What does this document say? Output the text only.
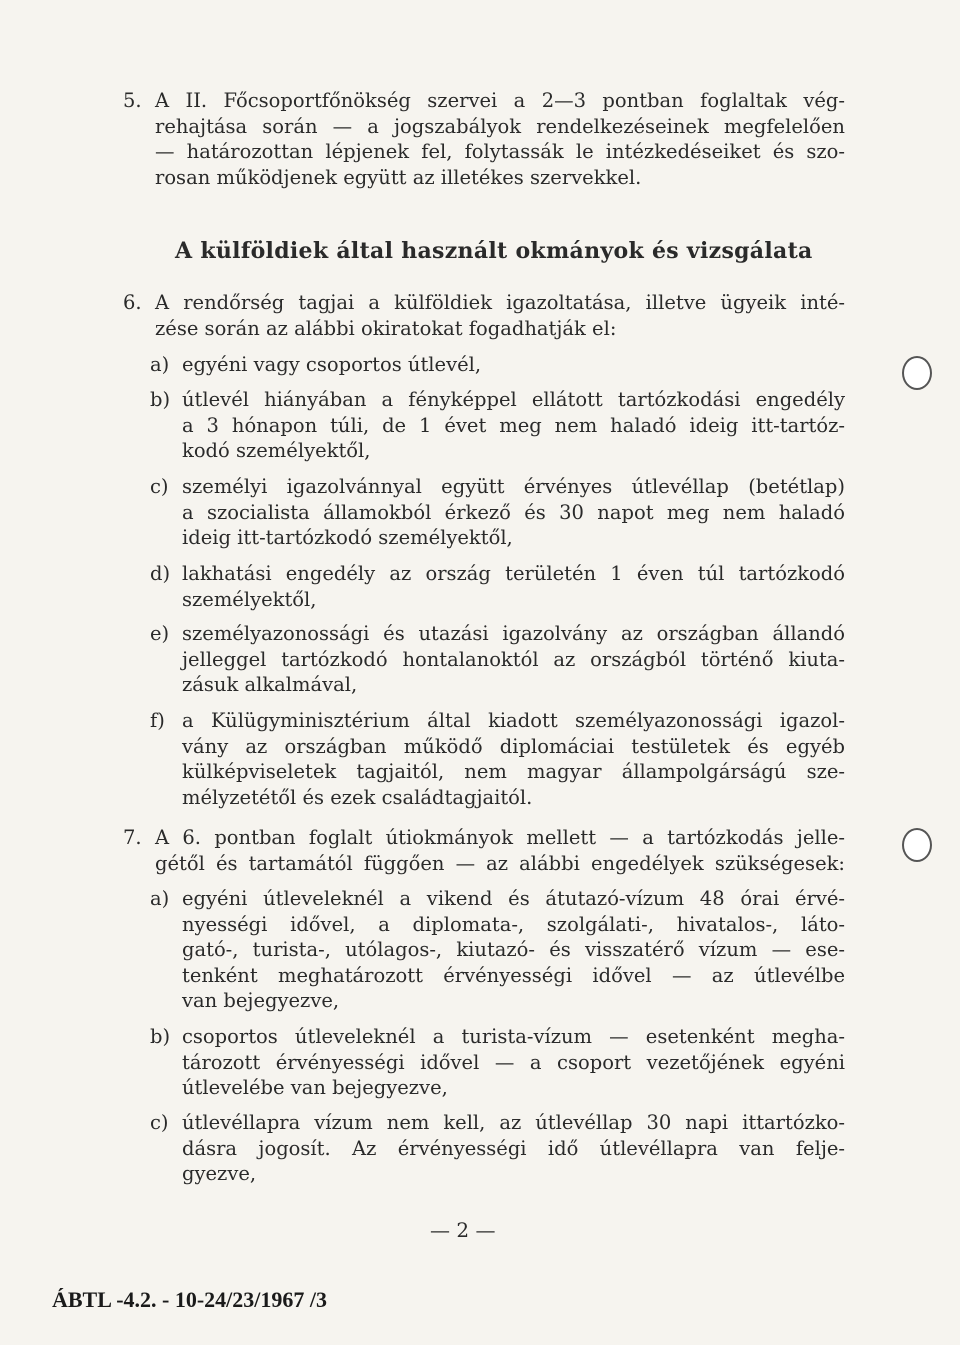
5. A II. Főcsoportfőnökség szervei a 2—3 pontban foglaltak vég-
rehajtása során — a jogszabályok rendelkezéseinek megfelelően
— határozottan lépjenek fel, folytassák le intézkedéseiket és szo-
rosan működjenek együtt az illetékes szervekkel.
A külföldiek által használt okmányok és vizsgálata
6. A rendőrség tagjai a külföldiek igazoltatása, illetve ügyeik inté-
zése során az alábbi okiratokat fogadhatják el:
a) egyéni vagy csoportos útlevél,
b) útlevél hiányában a fényképpel ellátott tartózkodási engedély
a 3 hónapon túli, de 1 évet meg nem haladó ideig itt-tartóz-
kodó személyektől,
c) személyi igazolvánnyal együtt érvényes útlevéllap (betétlap)
a szocialista államokból érkező és 30 napot meg nem haladó
ideig itt-tartózkodó személyektől,
d) lakhatási engedély az ország területén 1 éven túl tartózkodó
személyektől,
e) személyazonossági és utazási igazolvány az országban állandó
jelleggel tartózkodó hontalanoktól az országból történő kiuta-
zásuk alkalmával,
f) a Külügyminisztérium által kiadott személyazonossági igazol-
vány az országban működő diplomáciai testületek és egyéb
külképviseletek tagjaitól, nem magyar állampolgárságú sze-
mélyzetétől és ezek családtagjaitól.
7. A 6. pontban foglalt útiokmányok mellett — a tartózkodás jelle-
gétől és tartamától függően — az alábbi engedélyek szükségesek:
a) egyéni útleveleknél a vikend és átutazó-vízum 48 órai érvé-
nyességi idővel, a diplomata-, szolgálati-, hivatalos-, láto-
gató-, turista-, utólagos-, kiutazó- és visszatérő vízum — ese-
tenként meghatározott érvényességi idővel — az útlevélbe
van bejegyezve,
b) csoportos útleveleknél a turista-vízum — esetenként megha-
tározott érvényességi idővel — a csoport vezetőjének egyéni
útlevelébe van bejegyezve,
c) útlevéllapra vízum nem kell, az útlevéllap 30 napi ittartózko-
dásra jogosít. Az érvényességi idő útlevéllapra van felje-
gyezve,
— 2 —
ÁBTL -4.2. - 10-24/23/1967 /3
